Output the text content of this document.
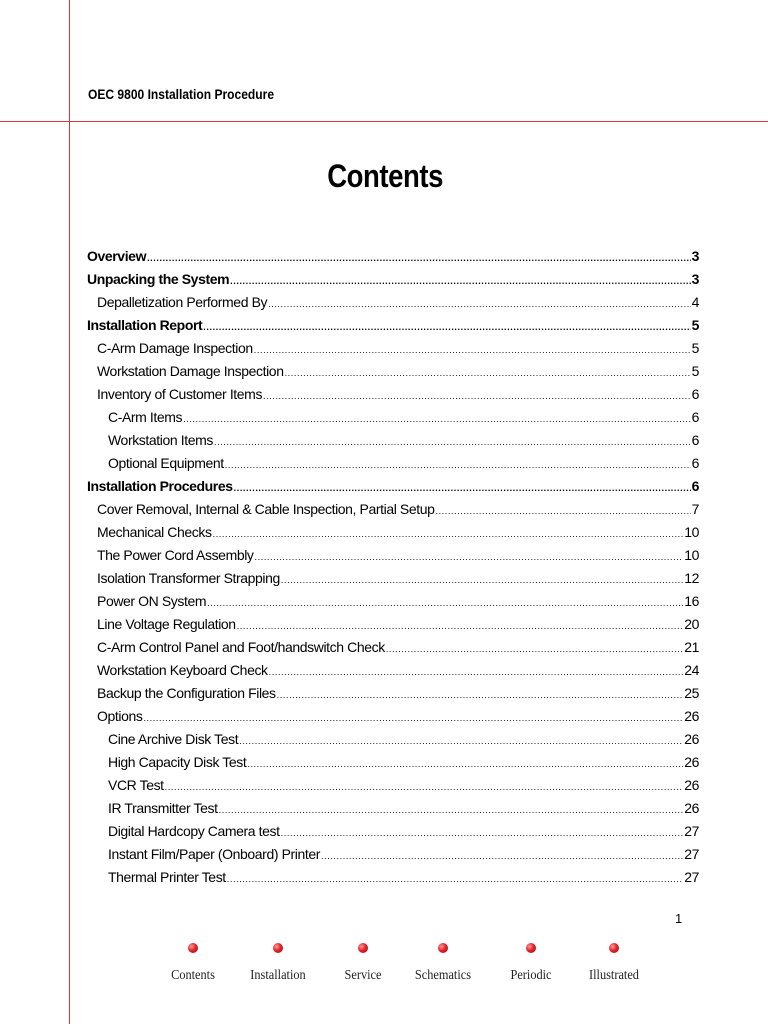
OEC 9800 Installation Procedure
Contents
Overview .....	3
Unpacking the System .....	3
Depalletization Performed By .....	4
Installation Report .....	5
C-Arm Damage Inspection .....	5
Workstation Damage Inspection .....	5
Inventory of Customer Items .....	6
C-Arm Items .....	6
Workstation Items .....	6
Optional Equipment .....	6
Installation Procedures .....	6
Cover Removal, Internal & Cable Inspection, Partial Setup .....	7
Mechanical Checks .....	10
The Power Cord Assembly .....	10
Isolation Transformer Strapping .....	12
Power ON System .....	16
Line Voltage Regulation .....	20
C-Arm Control Panel and Foot/handswitch Check .....	21
Workstation Keyboard Check .....	24
Backup the Configuration Files .....	25
Options .....	26
Cine Archive Disk Test .....	26
High Capacity Disk Test .....	26
VCR Test .....	26
IR Transmitter Test .....	26
Digital Hardcopy Camera test .....	27
Instant Film/Paper (Onboard) Printer .....	27
Thermal Printer Test .....	27
1
Contents	Installation	Service	Schematics	Periodic	Illustrated
